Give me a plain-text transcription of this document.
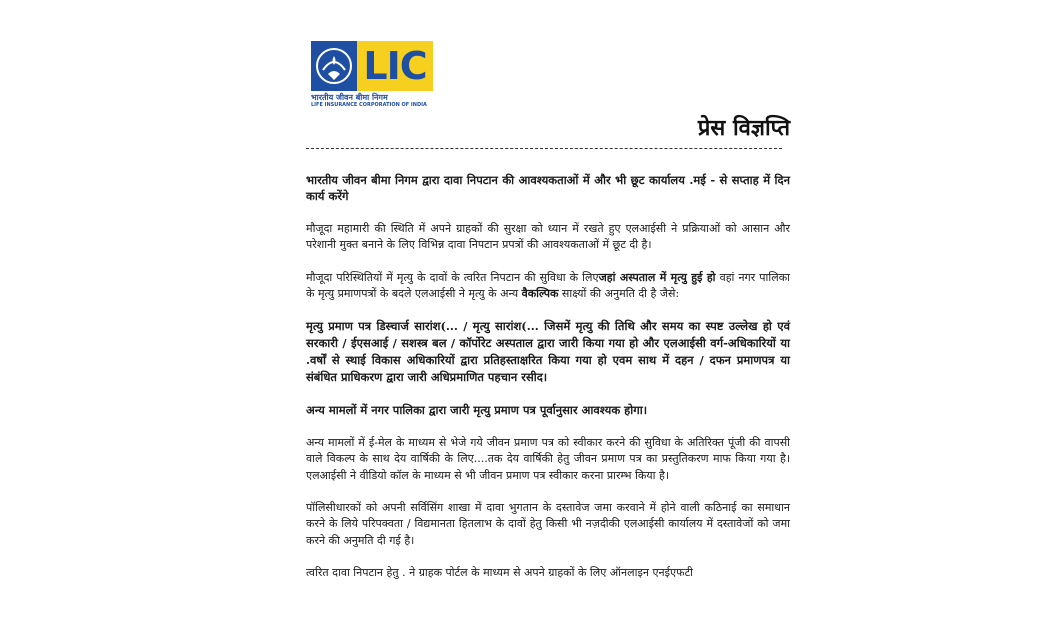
LIC
भारतीय जीवन बीमा निगम
LIFE INSURANCE CORPORATION OF INDIA
प्रेस विज्ञप्ति

भारतीय जीवन बीमा निगम द्वारा दावा निपटान की आवश्यकताओं में और भी छूट कार्यालय .मई - से सप्ताह में दिन कार्य करेंगे

मौजूदा महामारी की स्थिति में अपने ग्राहकों की सुरक्षा को ध्यान में रखते हुए एलआईसी ने प्रक्रियाओं को आसान और परेशानी मुक्त बनाने के लिए विभिन्न दावा निपटान प्रपत्रों की आवश्यकताओं में छूट दी है।

मौजूदा परिस्थितियों में मृत्यु के दावों के त्वरित निपटान की सुविधा के लिएजहां अस्पताल में मृत्यु हुई हो वहां नगर पालिका के मृत्यु प्रमाणपत्रों के बदले एलआईसी ने मृत्यु के अन्य वैकल्पिक साक्ष्यों की अनुमति दी है जैसे:

मृत्यु प्रमाण पत्र डिस्चार्ज सारांश(... / मृत्यु सारांश(... जिसमें मृत्यु की तिथि और समय का स्पष्ट उल्लेख हो एवं सरकारी / ईएसआई / सशस्त्र बल / कॉर्पोरेट अस्पताल द्वारा जारी किया गया हो और एलआईसी वर्ग-अधिकारियों या .वर्षों से स्थाई विकास अधिकारियों द्वारा प्रतिहस्ताक्षरित किया गया हो एवम साथ में दहन / दफन प्रमाणपत्र या संबंधित प्राधिकरण द्वारा जारी अधिप्रमाणित पहचान रसीद।

अन्य मामलों में नगर पालिका द्वारा जारी मृत्यु प्रमाण पत्र पूर्वानुसार आवश्यक होगा।

अन्य मामलों में ई-मेल के माध्यम से भेजे गये जीवन प्रमाण पत्र को स्वीकार करने की सुविधा के अतिरिक्त पूंजी की वापसी वाले विकल्प के साथ देय वार्षिकी के लिए....तक देय वार्षिकी हेतु जीवन प्रमाण पत्र का प्रस्तुतिकरण माफ किया गया है। एलआईसी ने वीडियो कॉल के माध्यम से भी जीवन प्रमाण पत्र स्वीकार करना प्रारम्भ किया है।

पॉलिसीधारकों को अपनी सर्विसिंग शाखा में दावा भुगतान के दस्तावेज जमा करवाने में होने वाली कठिनाई का समाधान करने के लिये परिपक्वता / विद्यमानता हितलाभ के दावों हेतु किसी भी नज़दीकी एलआईसी कार्यालय में दस्तावेजों को जमा करने की अनुमति दी गई है।

त्वरित दावा निपटान हेतु . ने ग्राहक पोर्टल के माध्यम से अपने ग्राहकों के लिए ऑनलाइन एनईएफटी
